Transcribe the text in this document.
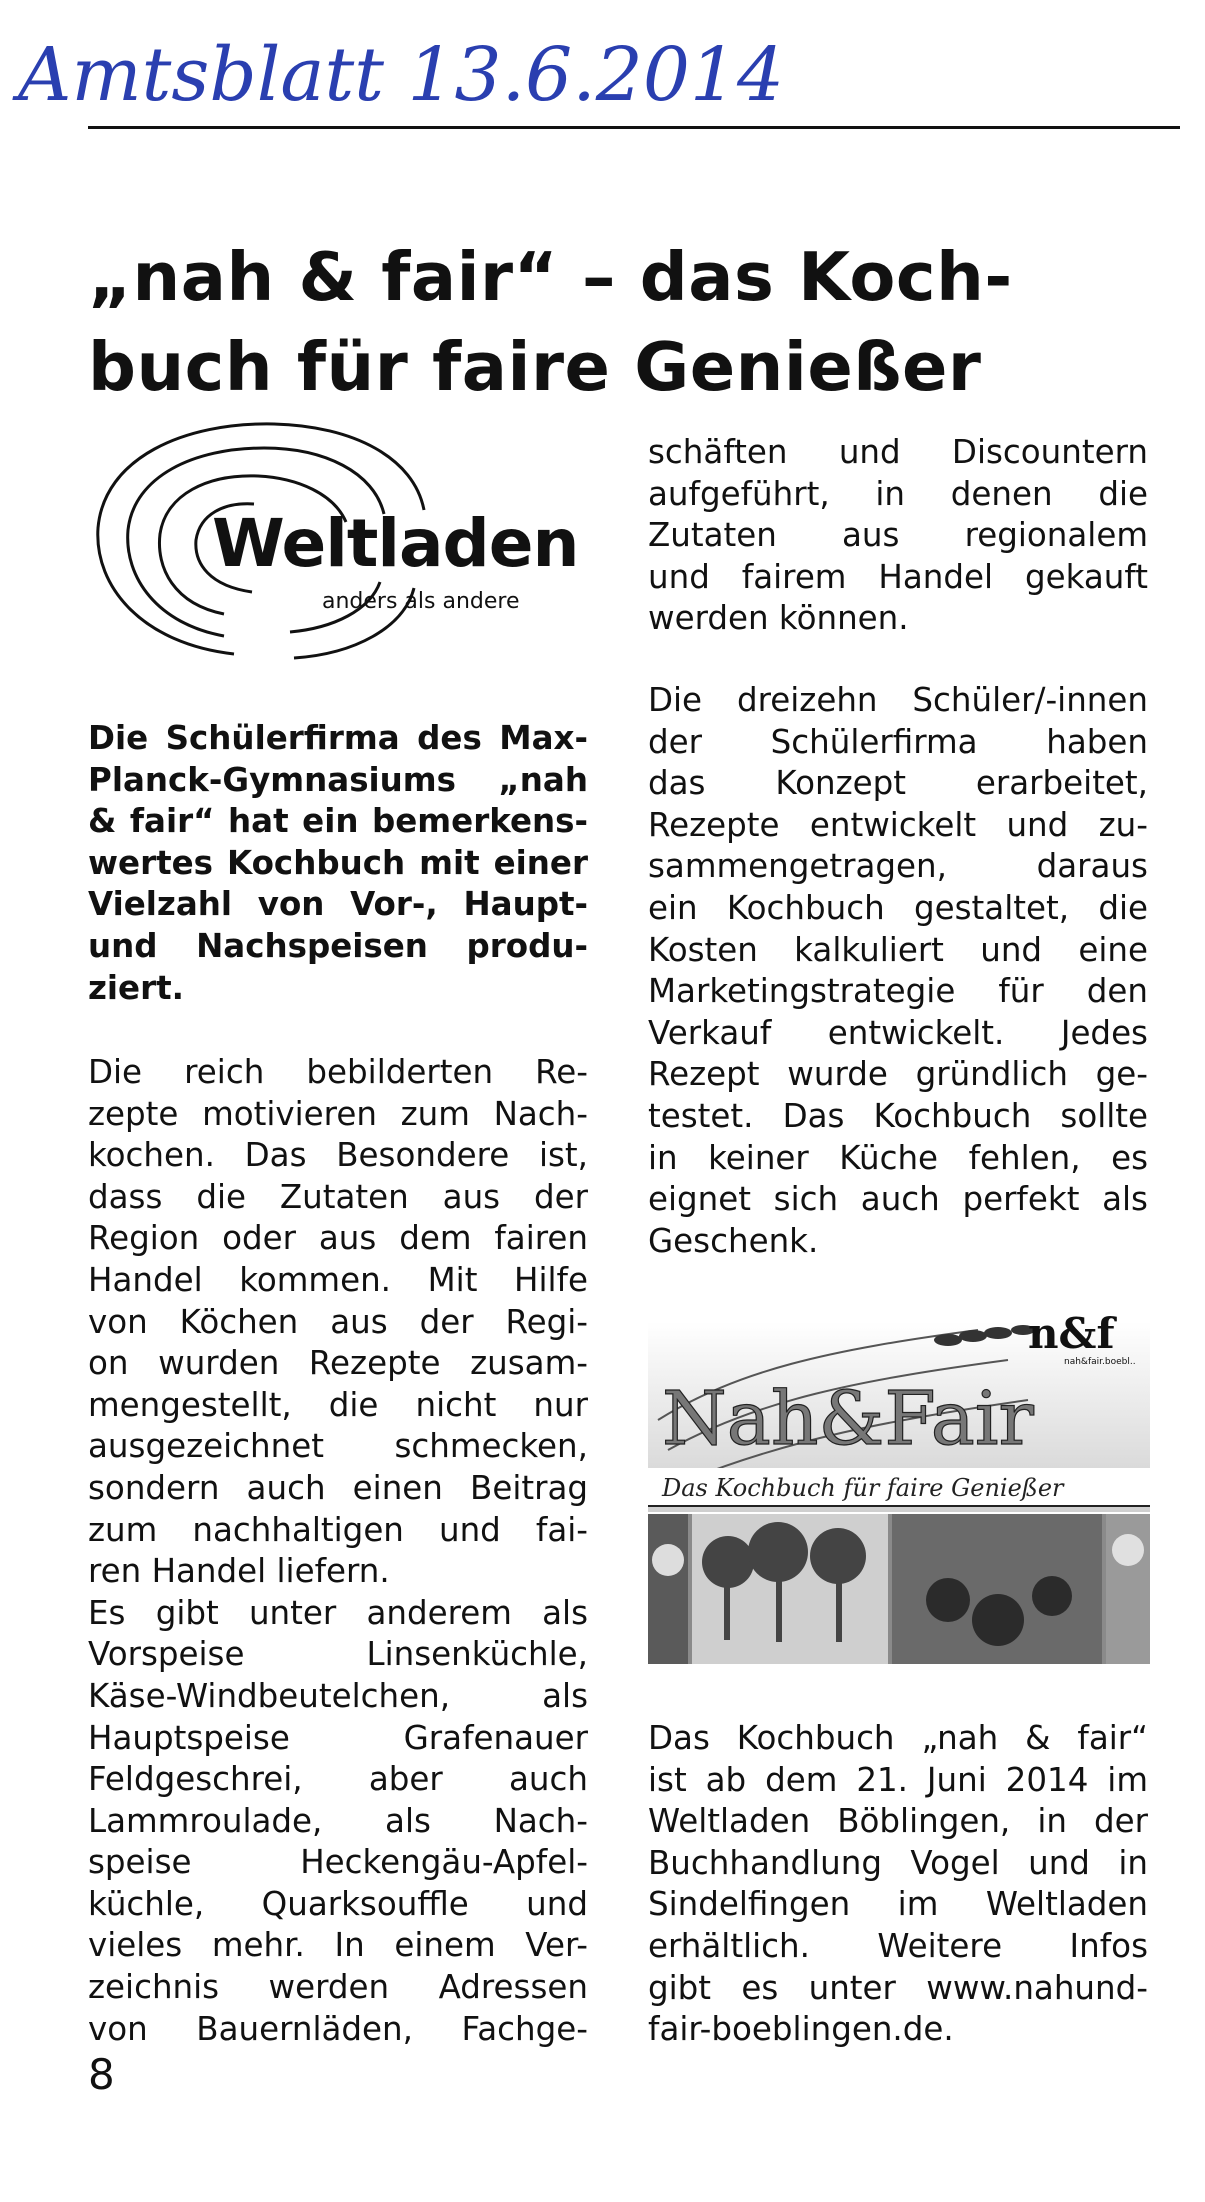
Amtsblatt 13.6.2014
„nah & fair“ – das Koch-
buch für faire Genießer
Weltladen
anders als andere
Die Schülerfirma des Max-
Planck-Gymnasiums „nah
& fair“ hat ein bemerkens-
wertes Kochbuch mit einer
Vielzahl von Vor-, Haupt-
und Nachspeisen produ-
ziert.
Die reich bebilderten Re-
zepte motivieren zum Nach-
kochen. Das Besondere ist,
dass die Zutaten aus der
Region oder aus dem fairen
Handel kommen. Mit Hilfe
von Köchen aus der Regi-
on wurden Rezepte zusam-
mengestellt, die nicht nur
ausgezeichnet schmecken,
sondern auch einen Beitrag
zum nachhaltigen und fai-
ren Handel liefern.
Es gibt unter anderem als
Vorspeise Linsenküchle,
Käse-Windbeutelchen, als
Hauptspeise Grafenauer
Feldgeschrei, aber auch
Lammroulade, als Nach-
speise Heckengäu-Apfel-
küchle, Quarksouffle und
vieles mehr. In einem Ver-
zeichnis werden Adressen
von Bauernläden, Fachge-
schäften und Discountern
aufgeführt, in denen die
Zutaten aus regionalem
und fairem Handel gekauft
werden können.
Die dreizehn Schüler/-innen
der Schülerfirma haben
das Konzept erarbeitet,
Rezepte entwickelt und zu-
sammengetragen, daraus
ein Kochbuch gestaltet, die
Kosten kalkuliert und eine
Marketingstrategie für den
Verkauf entwickelt. Jedes
Rezept wurde gründlich ge-
testet. Das Kochbuch sollte
in keiner Küche fehlen, es
eignet sich auch perfekt als
Geschenk.
n&f
nah&fair.boebl..
Nah&Fair
Das Kochbuch für faire Genießer
Das Kochbuch „nah & fair“
ist ab dem 21. Juni 2014 im
Weltladen Böblingen, in der
Buchhandlung Vogel und in
Sindelfingen im Weltladen
erhältlich. Weitere Infos
gibt es unter www.nahund-
fair-boeblingen.de.
8
